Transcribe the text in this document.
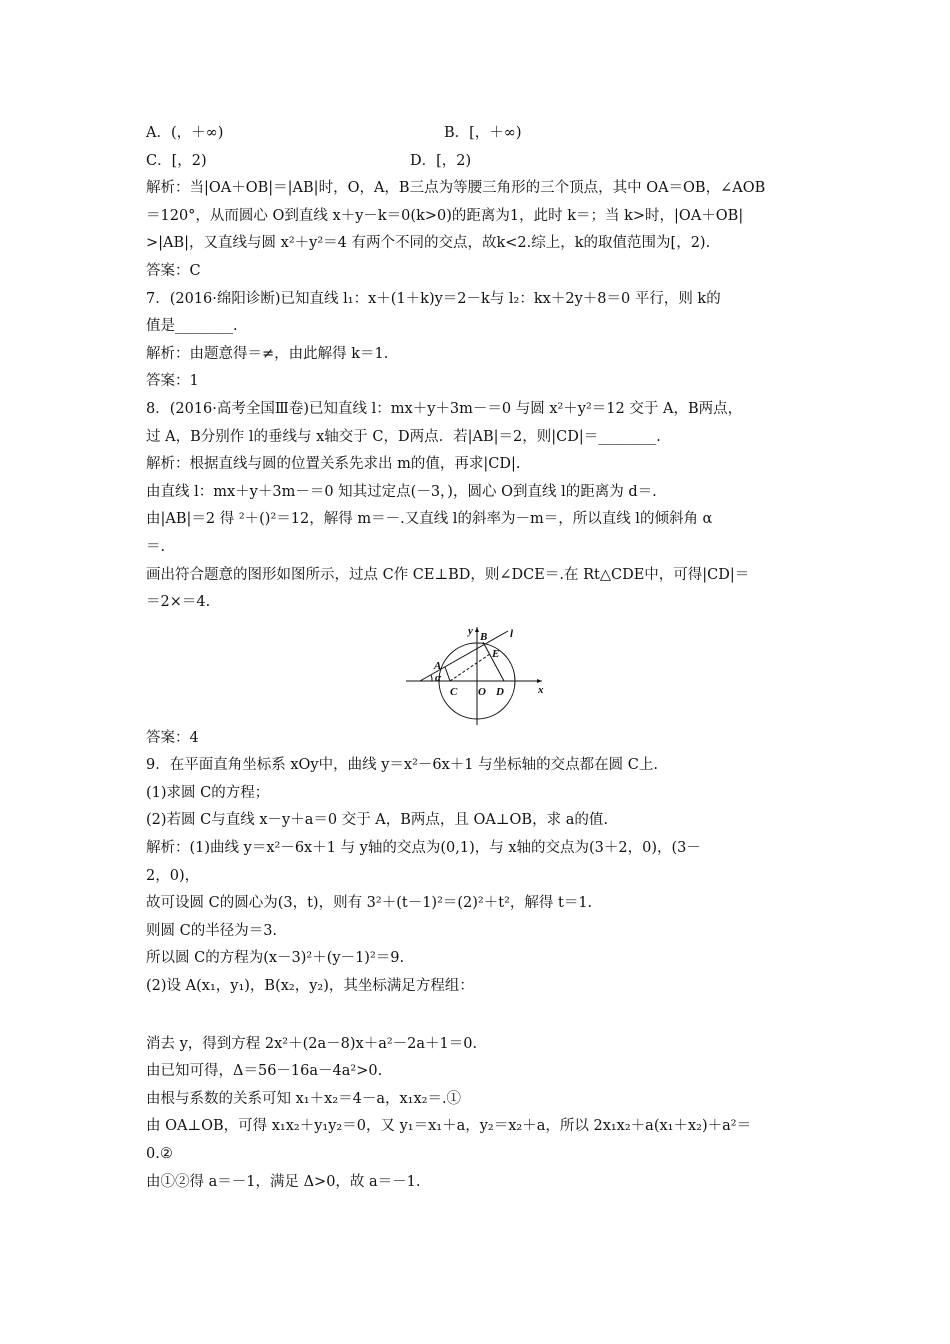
A．(，＋∞)	B．[，＋∞)
C．[，2)	D．[，2)
解析：当|OA＋OB|＝|AB|时，O，A，B三点为等腰三角形的三个顶点，其中 OA＝OB，∠AOB
＝120°，从而圆心 O到直线 x＋y－k＝0(k>0)的距离为1，此时 k＝；当 k>时，|OA＋OB|
>|AB|，又直线与圆 x²＋y²＝4 有两个不同的交点，故k<2.综上，k的取值范围为[，2).
答案：C
7．(2016·绵阳诊断)已知直线 l₁：x＋(1＋k)y＝2－k与 l₂：kx＋2y＋8＝0 平行，则 k的
值是________.
解析：由题意得＝≠，由此解得 k＝1.
答案：1
8．(2016·高考全国Ⅲ卷)已知直线 l：mx＋y＋3m－＝0 与圆 x²＋y²＝12 交于 A，B两点，
过 A，B分别作 l的垂线与 x轴交于 C，D两点．若|AB|＝2，则|CD|＝________.
解析：根据直线与圆的位置关系先求出 m的值，再求|CD|.
由直线 l：mx＋y＋3m－＝0 知其过定点(－3，)，圆心 O到直线 l的距离为 d＝.
由|AB|＝2 得 ²＋()²＝12，解得 m＝－.又直线 l的斜率为－m＝，所以直线 l的倾斜角 α
＝.
画出符合题意的图形如图所示，过点 C作 CE⊥BD，则∠DCE＝.在 Rt△CDE中，可得|CD|＝
＝2×＝4.
y
x
B l
E
A
α
C O D
答案：4
9．在平面直角坐标系 xOy中，曲线 y＝x²－6x＋1 与坐标轴的交点都在圆 C上.
(1)求圆 C的方程；
(2)若圆 C与直线 x－y＋a＝0 交于 A，B两点，且 OA⊥OB，求 a的值.
解析：(1)曲线 y＝x²－6x＋1 与 y轴的交点为(0,1)，与 x轴的交点为(3＋2，0)，(3－
2，0)，
故可设圆 C的圆心为(3，t)，则有 3²＋(t－1)²＝(2)²＋t²，解得 t＝1.
则圆 C的半径为＝3.
所以圆 C的方程为(x－3)²＋(y－1)²＝9.
(2)设 A(x₁，y₁)，B(x₂，y₂)，其坐标满足方程组：
消去 y，得到方程 2x²＋(2a－8)x＋a²－2a＋1＝0.
由已知可得，Δ＝56－16a－4a²>0.
由根与系数的关系可知 x₁＋x₂＝4－a，x₁x₂＝.①
由 OA⊥OB，可得 x₁x₂＋y₁y₂＝0，又 y₁＝x₁＋a，y₂＝x₂＋a，所以 2x₁x₂＋a(x₁＋x₂)＋a²＝
0.②
由①②得 a＝－1，满足 Δ>0，故 a＝－1.
